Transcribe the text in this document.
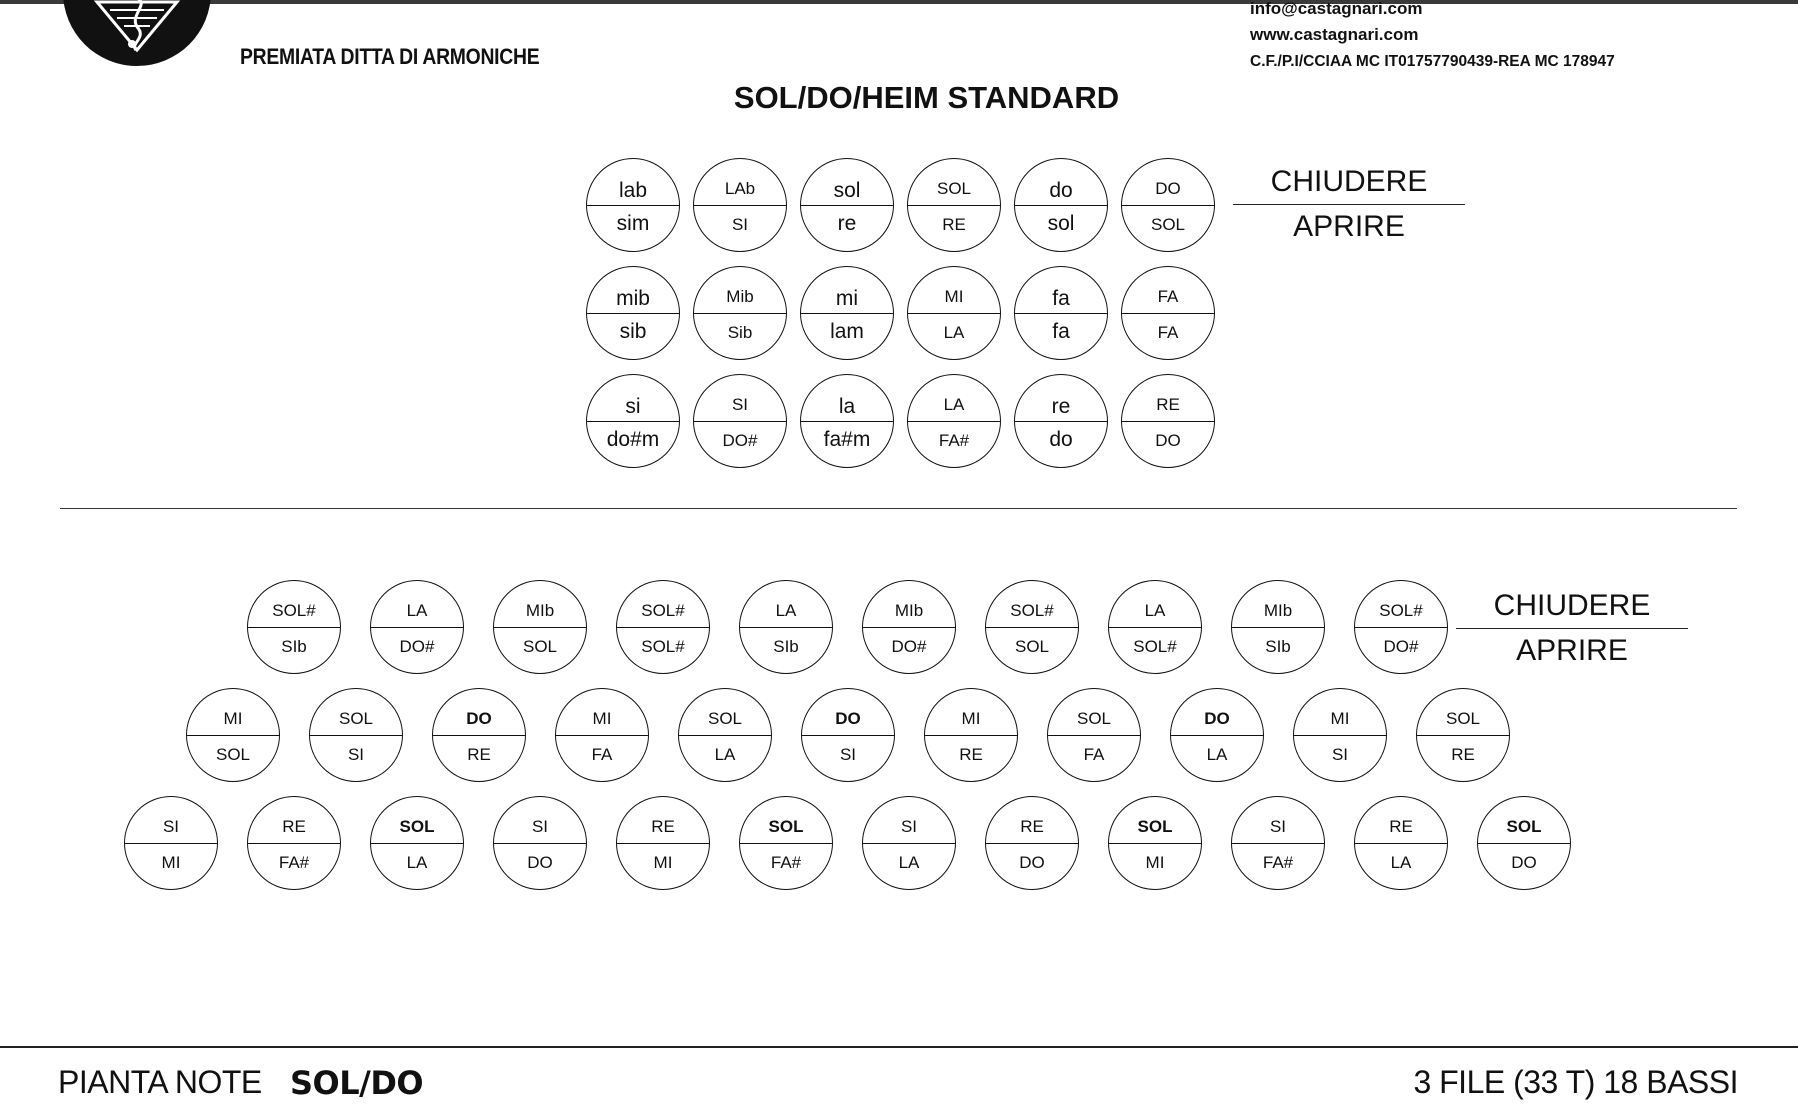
PREMIATA DITTA DI ARMONICHE
info@castagnari.com
www.castagnari.com
C.F./P.I/CCIAA MC IT01757790439-REA MC 178947
SOL/DO/HEIM STANDARD
CHIUDERE
APRIRE
lab
sim
LAb
SI
sol
re
SOL
RE
do
sol
DO
SOL
mib
sib
Mib
Sib
mi
lam
MI
LA
fa
fa
FA
FA
si
do#m
SI
DO#
la
fa#m
LA
FA#
re
do
RE
DO
CHIUDERE
APRIRE
SOL#
SIb
LA
DO#
MIb
SOL
SOL#
SOL#
LA
SIb
MIb
DO#
SOL#
SOL
LA
SOL#
MIb
SIb
SOL#
DO#
MI
SOL
SOL
SI
DO
RE
MI
FA
SOL
LA
DO
SI
MI
RE
SOL
FA
DO
LA
MI
SI
SOL
RE
SI
MI
RE
FA#
SOL
LA
SI
DO
RE
MI
SOL
FA#
SI
LA
RE
DO
SOL
MI
SI
FA#
RE
LA
SOL
DO
PIANTA NOTE SOL/DO	3 FILE (33 T) 18 BASSI
